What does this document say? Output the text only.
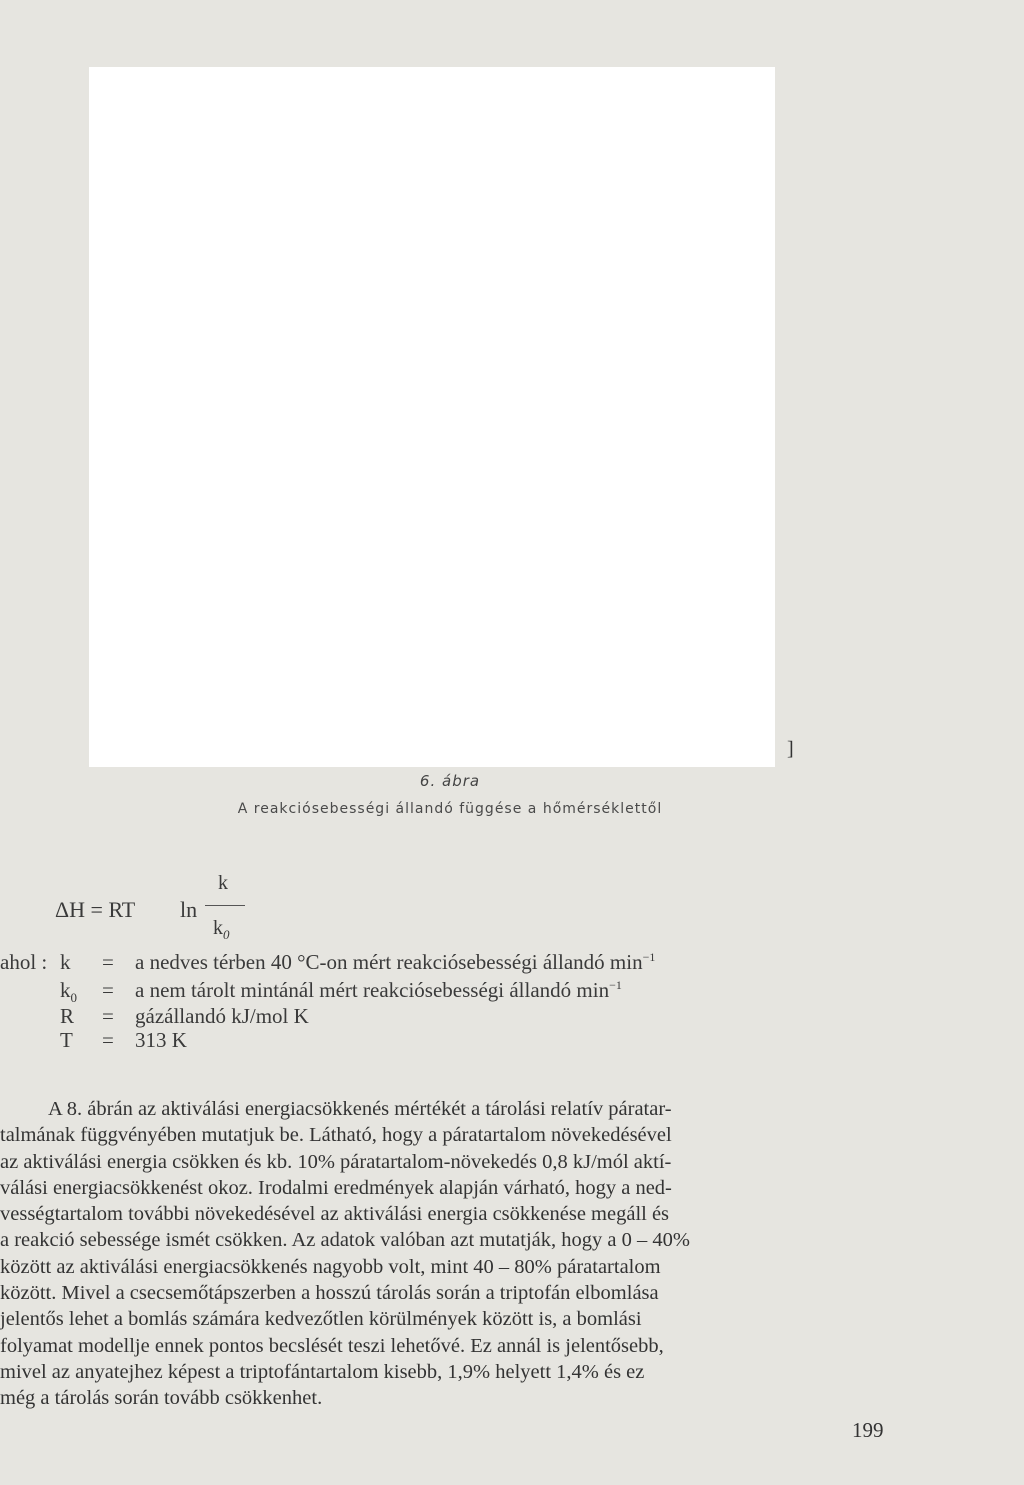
]
6. ábra
A reakciósebességi állandó függése a hőmérséklettől
ΔH = RT ln
k
$k_0$
ahol : k = a nedves térben 40 °C-on mért reakciósebességi állandó $\min^{-1}$
$k_0 = a$ nem tárolt mintánál mért reakciósebességi állandó $\min^{-1}$
R = gázállandó kJ/mol K
T = 313 K
A 8. ábrán az aktiválási energiacsökkenés mértékét a tárolási relatív páratar-
talmának függvényében mutatjuk be. Látható, hogy a páratartalom növekedésével
az aktiválási energia csökken és kb. 10% páratartalom-növekedés 0,8 kJ/mól aktí-
válási energiacsökkenést okoz. Irodalmi eredmények alapján várható, hogy a ned-
vességtartalom további növekedésével az aktiválási energia csökkenése megáll és
a reakció sebessége ismét csökken. Az adatok valóban azt mutatják, hogy a 0 – 40%
között az aktiválási energiacsökkenés nagyobb volt, mint 40 – 80% páratartalom
között. Mivel a csecsemőtápszerben a hosszú tárolás során a triptofán elbomlása
jelentős lehet a bomlás számára kedvezőtlen körülmények között is, a bomlási
folyamat modellje ennek pontos becslését teszi lehetővé. Ez annál is jelentősebb,
mivel az anyatejhez képest a triptofántartalom kisebb, 1,9% helyett 1,4% és ez
még a tárolás során tovább csökkenhet.
199
